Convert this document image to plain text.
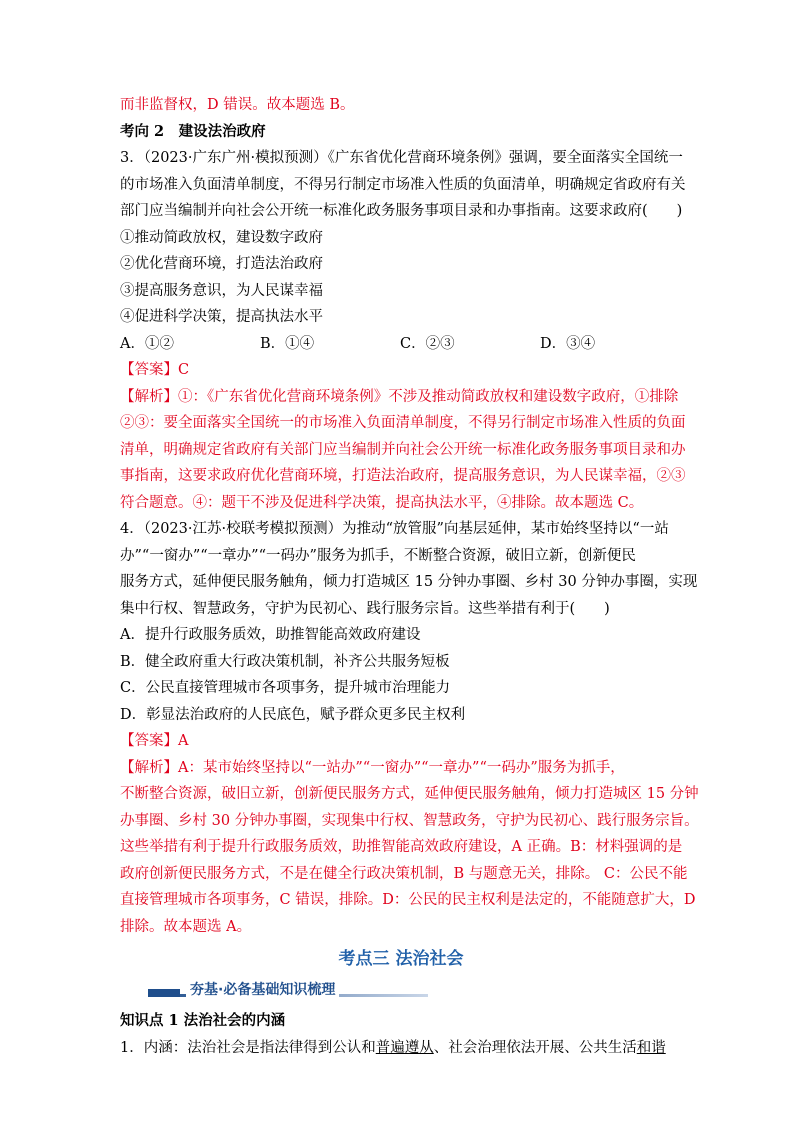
而非监督权，D 错误。故本题选 B。
考向 2　建设法治政府
3．（2023·广东广州·模拟预测）《广东省优化营商环境条例》强调，要全面落实全国统一
的市场准入负面清单制度，不得另行制定市场准入性质的负面清单，明确规定省政府有关
部门应当编制并向社会公开统一标准化政务服务事项目录和办事指南。这要求政府(　　)
①推动简政放权，建设数字政府
②优化营商环境，打造法治政府
③提高服务意识，为人民谋幸福
④促进科学决策，提高执法水平
A．①②	B．①④	C．②③	D．③④
【答案】C
【解析】①：《广东省优化营商环境条例》不涉及推动简政放权和建设数字政府，①排除
②③：要全面落实全国统一的市场准入负面清单制度，不得另行制定市场准入性质的负面
清单，明确规定省政府有关部门应当编制并向社会公开统一标准化政务服务事项目录和办
事指南，这要求政府优化营商环境，打造法治政府，提高服务意识，为人民谋幸福，②③
符合题意。④：题干不涉及促进科学决策，提高执法水平，④排除。故本题选 C。
4．（2023·江苏·校联考模拟预测）为推动“放管服”向基层延伸，某市始终坚持以“一站
办”“一窗办”“一章办”“一码办”服务为抓手，不断整合资源，破旧立新，创新便民
服务方式，延伸便民服务触角，倾力打造城区 15 分钟办事圈、乡村 30 分钟办事圈，实现
集中行权、智慧政务，守护为民初心、践行服务宗旨。这些举措有利于(　　)
A．提升行政服务质效，助推智能高效政府建设
B．健全政府重大行政决策机制，补齐公共服务短板
C．公民直接管理城市各项事务，提升城市治理能力
D．彰显法治政府的人民底色，赋予群众更多民主权利
【答案】A
【解析】A：某市始终坚持以“一站办”“一窗办”“一章办”“一码办”服务为抓手，
不断整合资源，破旧立新，创新便民服务方式，延伸便民服务触角，倾力打造城区 15 分钟
办事圈、乡村 30 分钟办事圈，实现集中行权、智慧政务，守护为民初心、践行服务宗旨。
这些举措有利于提升行政服务质效，助推智能高效政府建设，A 正确。B：材料强调的是
政府创新便民服务方式，不是在健全行政决策机制，B 与题意无关，排除。 C：公民不能
直接管理城市各项事务，C 错误，排除。D：公民的民主权利是法定的，不能随意扩大，D
排除。故本题选 A。
考点三 法治社会
夯基·必备基础知识梳理
知识点 1 法治社会的内涵
1．内涵：法治社会是指法律得到公认和普遍遵从、社会治理依法开展、公共生活和谐
